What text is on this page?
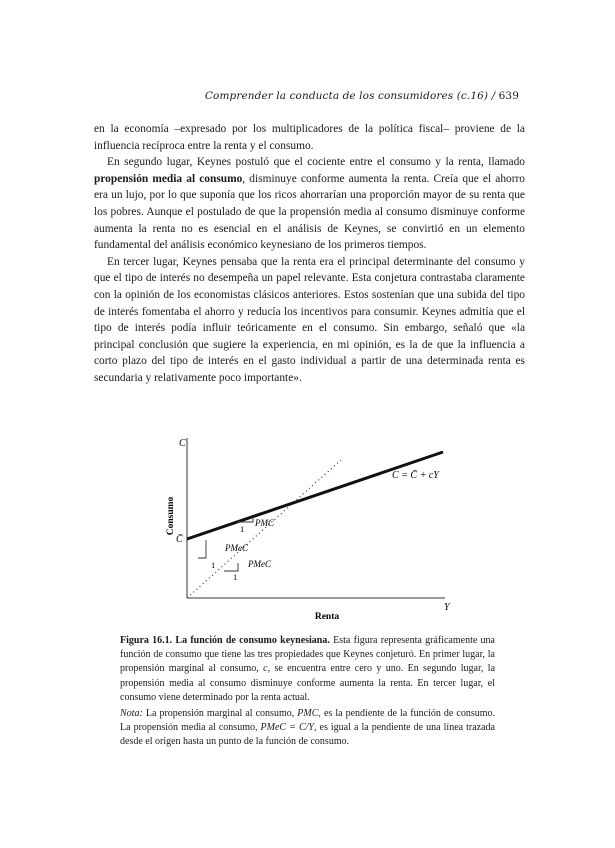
Comprender la conducta de los consumidores (c.16) / 639

en la economía –expresado por los multiplicadores de la política fiscal– proviene de la influencia recíproca entre la renta y el consumo.

En segundo lugar, Keynes postuló que el cociente entre el consumo y la renta, llamado propensión media al consumo, disminuye conforme aumenta la renta. Creía que el ahorro era un lujo, por lo que suponía que los ricos ahorrarían una proporción mayor de su renta que los pobres. Aunque el postulado de que la propensión media al consumo disminuye conforme aumenta la renta no es esencial en el análisis de Keynes, se convirtió en un elemento fundamental del análisis económico keynesiano de los primeros tiempos.

En tercer lugar, Keynes pensaba que la renta era el principal determinante del consumo y que el tipo de interés no desempeña un papel relevante. Esta conjetura contrastaba claramente con la opinión de los economistas clásicos anteriores. Estos sostenían que una subida del tipo de interés fomentaba el ahorro y reducía los incentivos para consumir. Keynes admitía que el tipo de interés podía influir teóricamente en el consumo. Sin embargo, señaló que «la principal conclusión que sugiere la experiencia, en mi opinión, es la de que la influencia a corto plazo del tipo de interés en el gasto individual a partir de una determinada renta es secundaria y relativamente poco importante».

C
Y
Consumo
Renta
C̄
C = C̄ + cY
1
PMC
PMeC
1	PMeC
1

Figura 16.1. La función de consumo keynesiana. Esta figura representa gráficamente una función de consumo que tiene las tres propiedades que Keynes conjeturó. En primer lugar, la propensión marginal al consumo, c, se encuentra entre cero y uno. En segundo lugar, la propensión media al consumo disminuye conforme aumenta la renta. En tercer lugar, el consumo viene determinado por la renta actual.

Nota: La propensión marginal al consumo, PMC, es la pendiente de la función de consumo. La propensión media al consumo, PMeC = C/Y, es igual a la pendiente de una línea trazada desde el origen hasta un punto de la función de consumo.
